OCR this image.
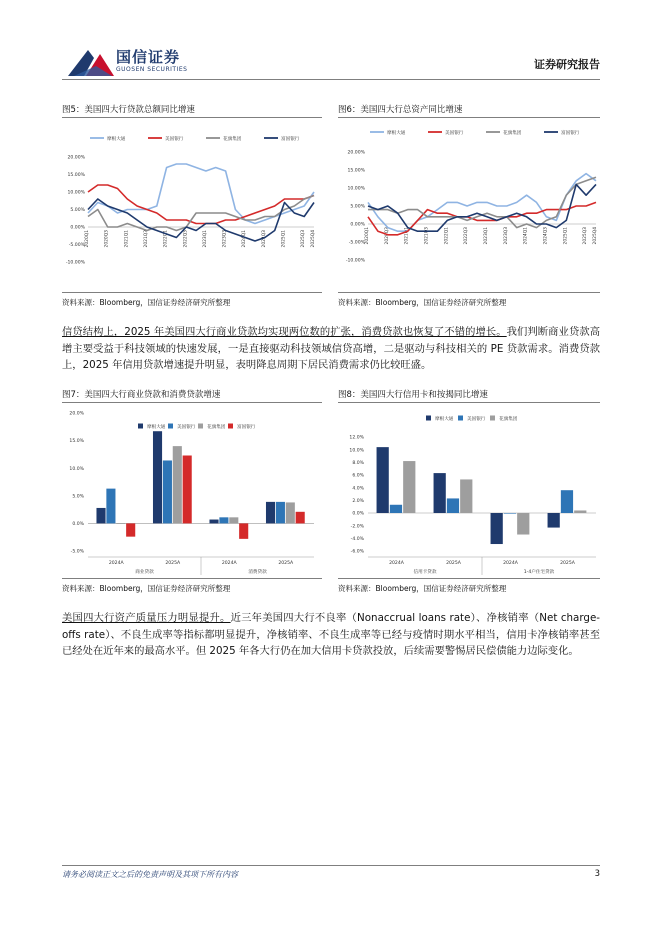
国信证券
GUOSEN SECURITIES	证券研究报告
图5：美国四大行贷款总额同比增速	图6：美国四大行总资产同比增速
摩根大通	美国银行	花旗集团	富国银行
20.00%
15.00%
10.00%
5.00%
0.00%
-5.00%
-10.00%
2020Q1	2020Q3	2021Q1	2021Q3	2022Q1	2022Q3	2023Q1	2023Q3	2024Q1	2024Q3	2025Q1	2025Q3 2025Q4
摩根大通	美国银行	花旗集团	富国银行
20.00%
15.00%
10.00%
5.00%
0.00%
-5.00%
-10.00%
2020Q1	2020Q3	2021Q1	2021Q3	2022Q1	2022Q3	2023Q1	2023Q3	2024Q1	2024Q3	2025Q1	2025Q3 2025Q4
资料来源：Bloomberg，国信证券经济研究所整理	资料来源：Bloomberg，国信证券经济研究所整理
信贷结构上，2025 年美国四大行商业贷款均实现两位数的扩张，消费贷款也恢复了不错的增长。我们判断商业贷款高增主要受益于科技领域的快速发展，一是直接驱动科技领域信贷高增，二是驱动与科技相关的 PE 贷款需求。消费贷款上，2025 年信用贷款增速提升明显，表明降息周期下居民消费需求仍比较旺盛。
图7：美国四大行商业贷款和消费贷款增速	图8：美国四大行信用卡和按揭同比增速
摩根大通	美国银行	花旗集团	富国银行
20.0%
15.0%
10.0%
5.0%
0.0%
-5.0%
2024A	2025A	2024A	2025A
商业贷款	消费贷款
摩根大通	美国银行	花旗集团
12.0%
10.0%
8.0%
6.0%
4.0%
2.0%
0.0%
-2.0%
-4.0%
-6.0%
2024A	2025A	2024A	2025A
信用卡贷款	1-4户住宅贷款
资料来源：Bloomberg，国信证券经济研究所整理	资料来源：Bloomberg，国信证券经济研究所整理
美国四大行资产质量压力明显提升。近三年美国四大行不良率（Nonaccrual loans rate）、净核销率（Net charge-offs rate）、不良生成率等指标都明显提升，净核销率、不良生成率等已经与疫情时期水平相当，信用卡净核销率甚至已经处在近年来的最高水平。但 2025 年各大行仍在加大信用卡贷款投放，后续需要警惕居民偿债能力边际变化。
请务必阅读正文之后的免责声明及其项下所有内容	3
